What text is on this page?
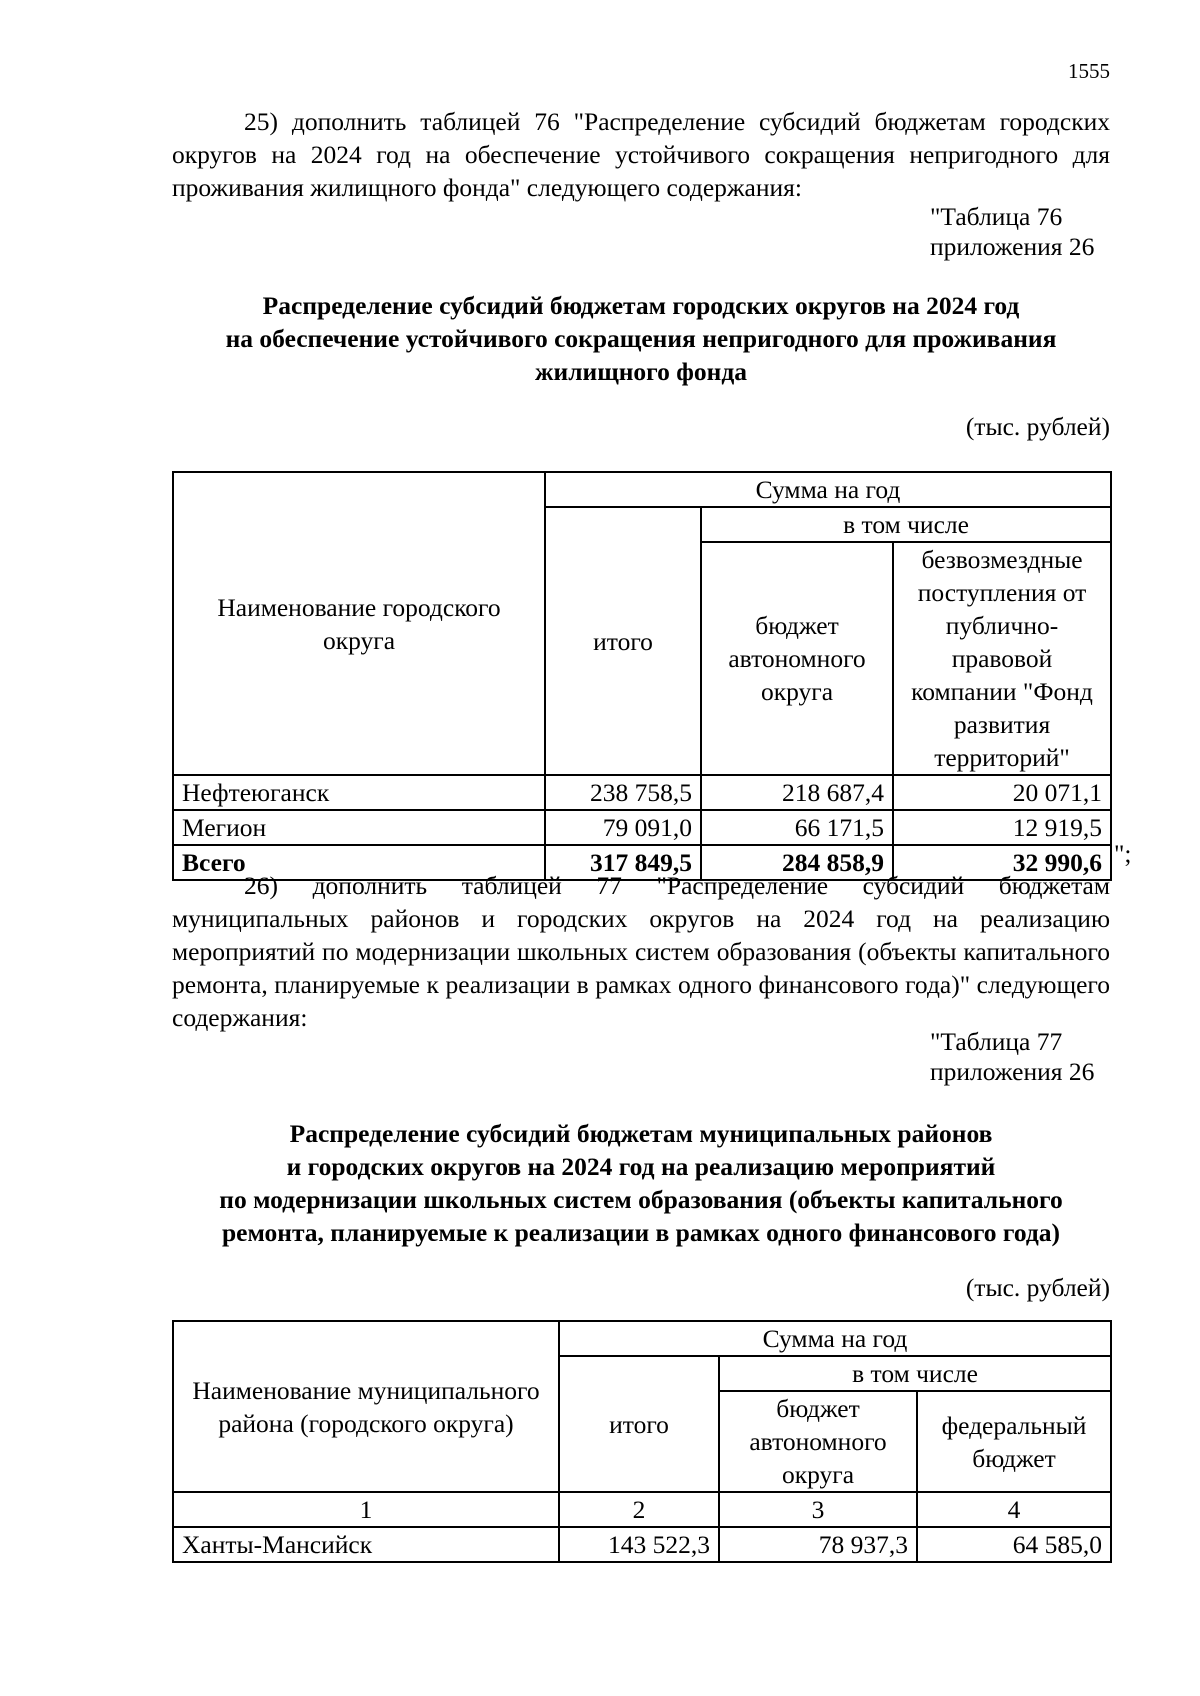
1555

25) дополнить таблицей 76 "Распределение субсидий бюджетам городских округов на 2024 год на обеспечение устойчивого сокращения непригодного для проживания жилищного фонда" следующего содержания:

"Таблица 76

приложения 26

Распределение субсидий бюджетам городских округов на 2024 год

на обеспечение устойчивого сокращения непригодного для проживания

жилищного фонда

(тыс. рублей)

Наименование городского округа	Сумма на год		
	итого	в том числе	
		бюджет автономного округа	безвозмездные поступления от публично-правовой компании "Фонд развития территорий"
Нефтеюганск	238 758,5	218 687,4	20 071,1
Мегион	79 091,0	66 171,5	12 919,5
Всего	317 849,5	284 858,9	32 990,6 ";

26) дополнить таблицей 77 "Распределение субсидий бюджетам муниципальных районов и городских округов на 2024 год на реализацию мероприятий по модернизации школьных систем образования (объекты капитального ремонта, планируемые к реализации в рамках одного финансового года)" следующего содержания:

"Таблица 77

приложения 26

Распределение субсидий бюджетам муниципальных районов

и городских округов на 2024 год на реализацию мероприятий

по модернизации школьных систем образования (объекты капитального

ремонта, планируемые к реализации в рамках одного финансового года)

(тыс. рублей)

Наименование муниципального района (городского округа)	Сумма на год		
	итого	в том числе	
		бюджет автономного округа	федеральный бюджет
1	2	3	4
Ханты-Мансийск	143 522,3	78 937,3	64 585,0
